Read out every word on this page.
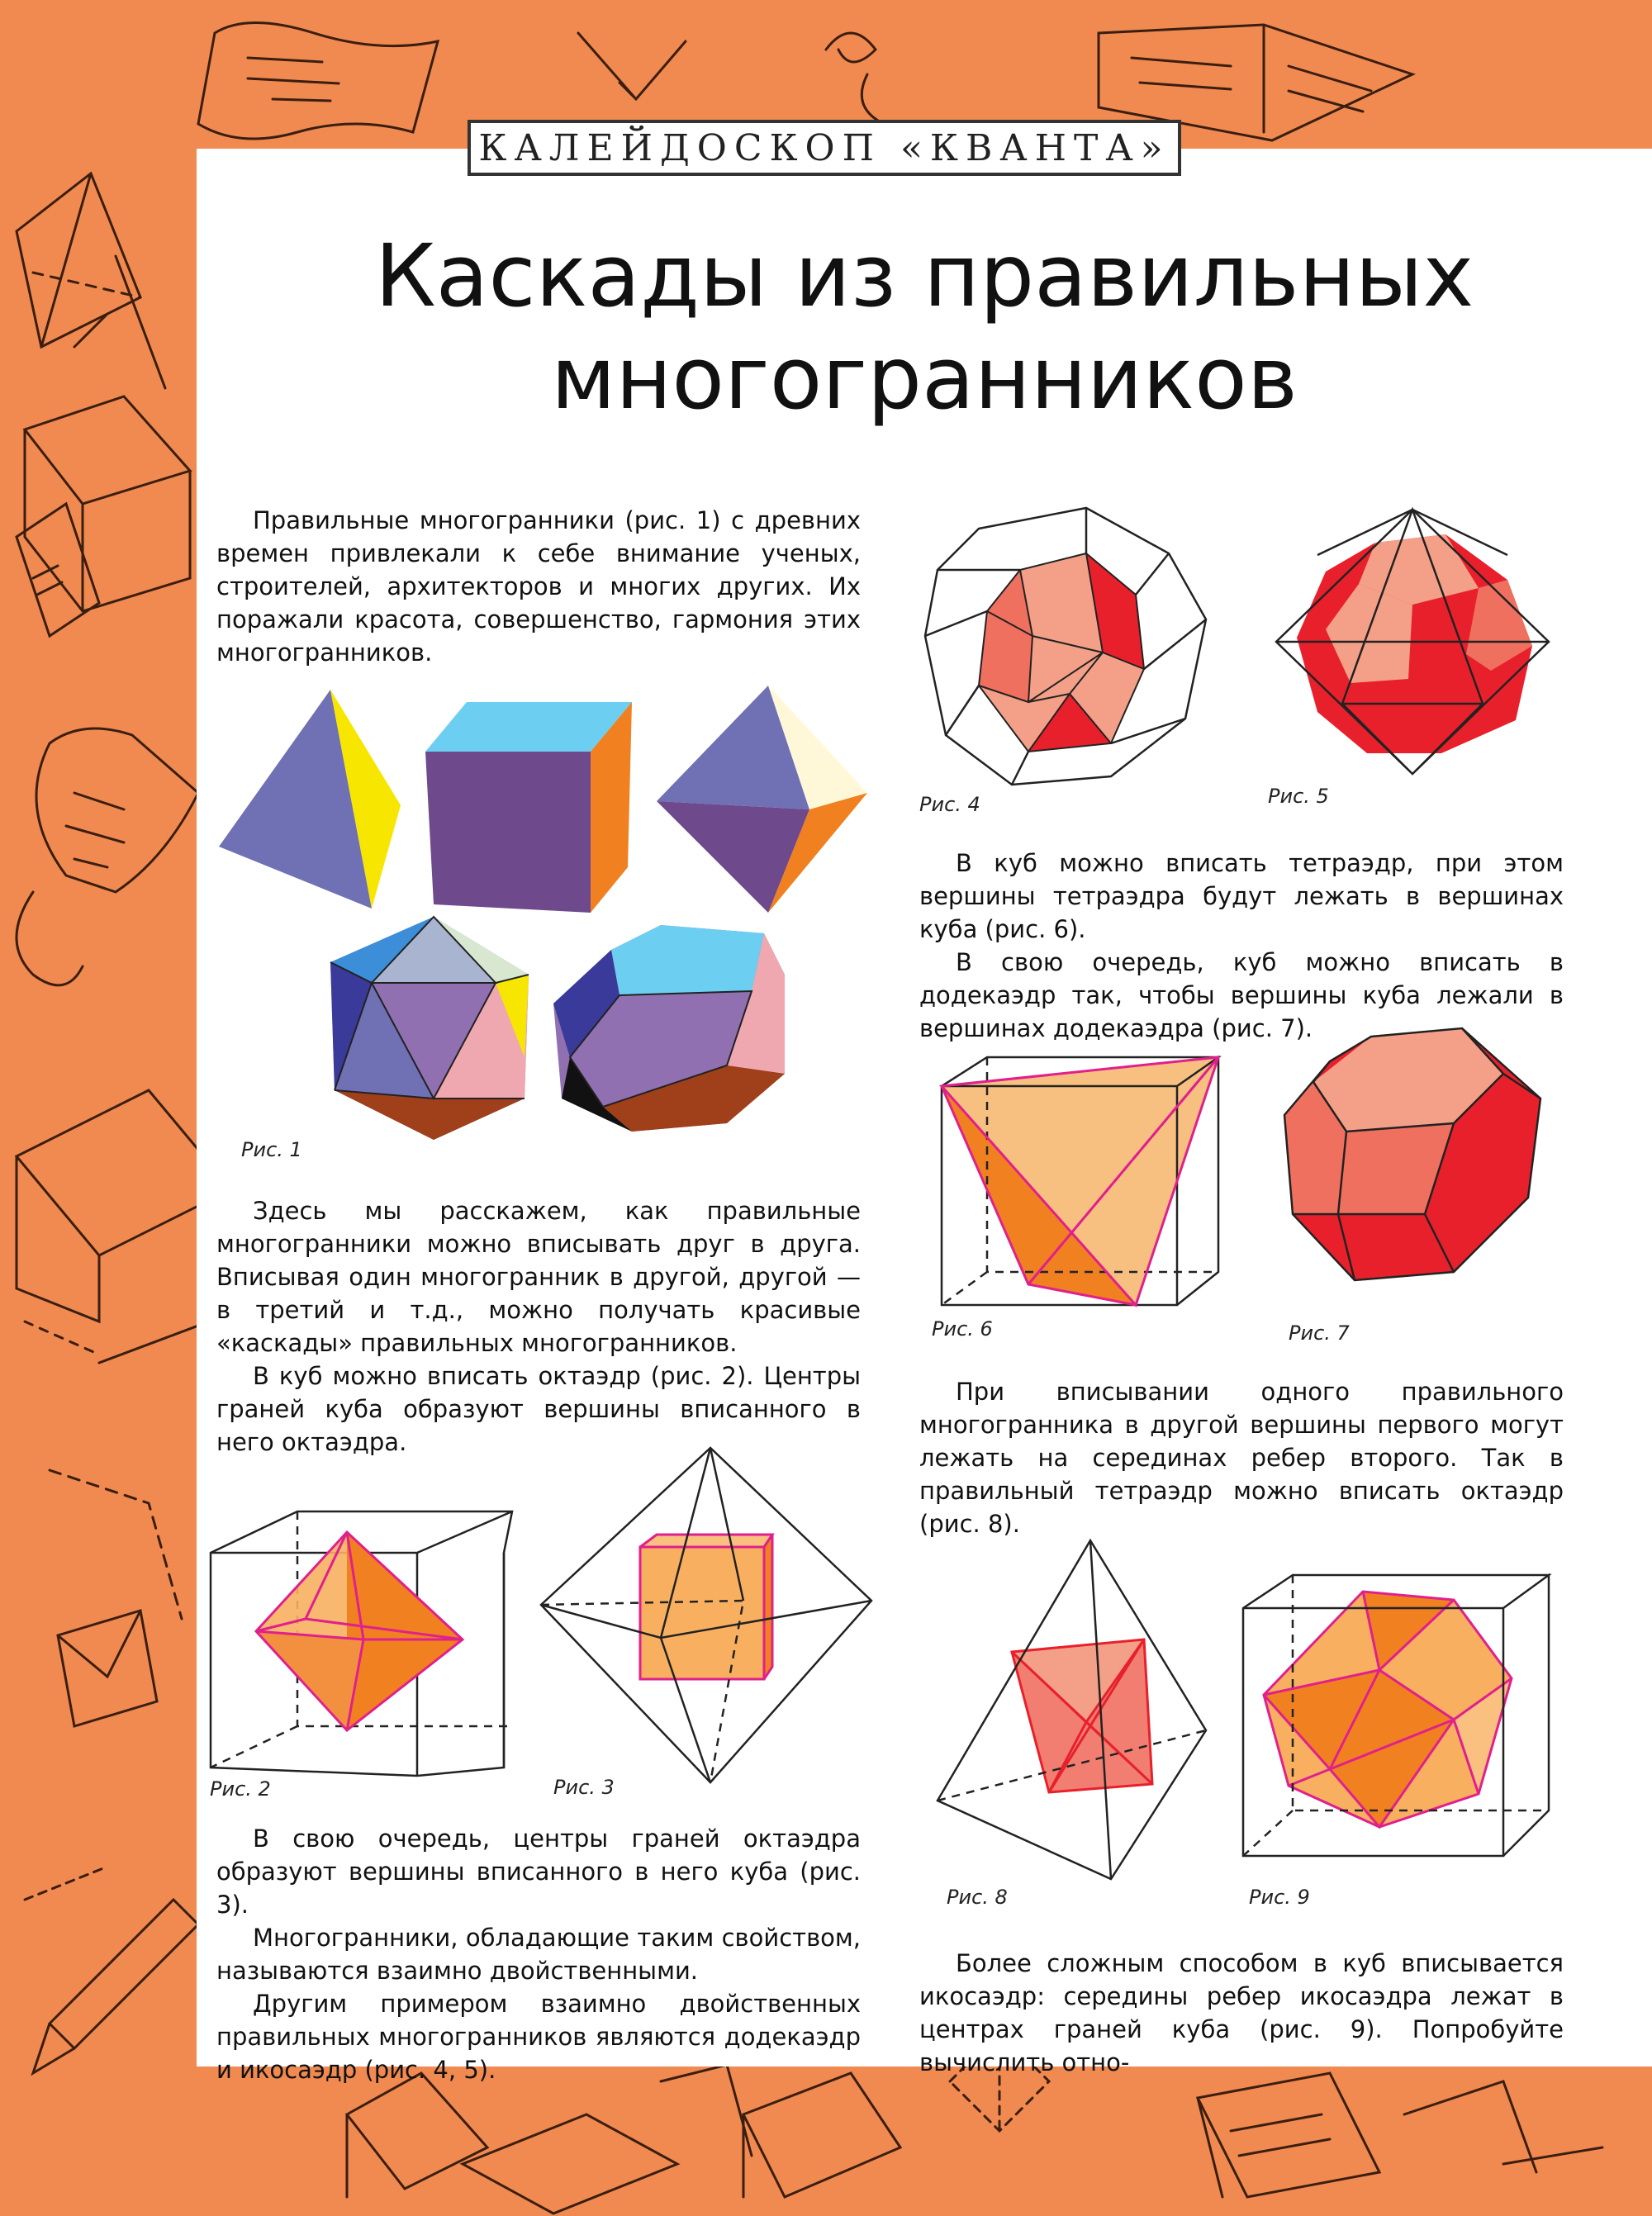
КАЛЕЙДОСКОП «КВАНТА»
Каскады из правильных
многогранников

Правильные многогранники (рис. 1) с древних времен привлекали к себе внимание ученых, строителей, архитекторов и многих других. Их поражали красота, совершенство, гармония этих многогранников.

Здесь мы расскажем, как правильные многогранники можно вписывать друг в друга. Вписывая один многогранник в другой, другой — в третий и т.д., можно получать красивые «каскады» правильных многогранников.

В куб можно вписать октаэдр (рис. 2). Центры граней куба образуют вершины вписанного в него октаэдра.

В свою очередь, центры граней октаэдра образуют вершины вписанного в него куба (рис. 3).

Многогранники, обладающие таким свойством, называются взаимно двойственными.

Другим примером взаимно двойственных правильных многогранников являются додекаэдр и икосаэдр (рис. 4, 5).

В куб можно вписать тетраэдр, при этом вершины тетраэдра будут лежать в вершинах куба (рис. 6).

В свою очередь, куб можно вписать в додекаэдр так, чтобы вершины куба лежали в вершинах додекаэдра (рис. 7).

При вписывании одного правильного многогранника в другой вершины первого могут лежать на серединах ребер второго. Так в правильный тетраэдр можно вписать октаэдр (рис. 8).

Более сложным способом в куб вписывается икосаэдр: середины ребер икосаэдра лежат в центрах граней куба (рис. 9). Попробуйте вычислить отно-

Рис. 1
Рис. 2	Рис. 3
Рис. 4	Рис. 5
Рис. 6	Рис. 7
Рис. 8	Рис. 9
